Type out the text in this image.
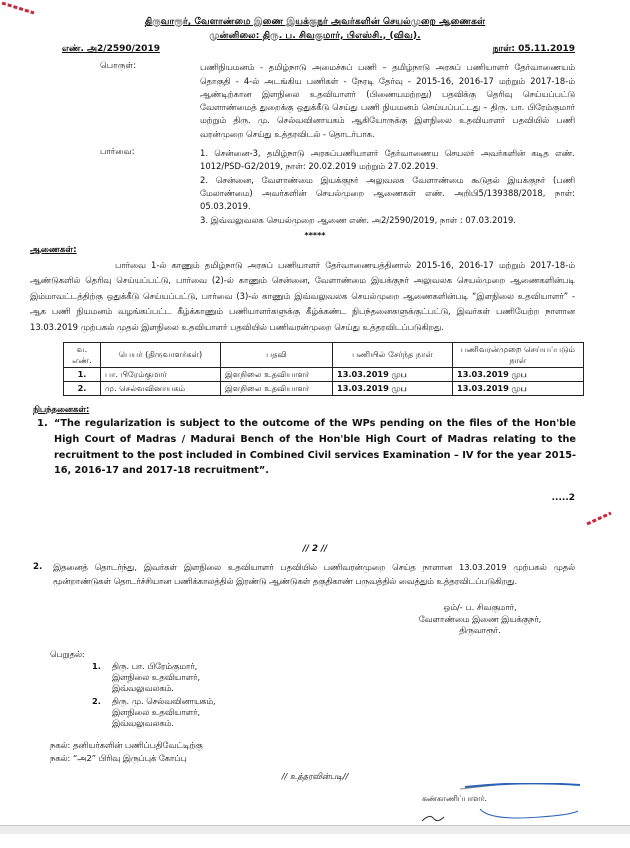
திருவாரூர், வேளாண்மை இணை இயக்குநர் அவர்களின் செயல்முறை ஆணைகள்
முன்னிலை: திரு. ப. சிவகுமார், பிஎஸ்சி., (விவ).
எண். அ2/2590/2019	நாள்: 05.11.2019
பொருள்:	பணிநியமனம் - தமிழ்நாடு அமைச்சுப் பணி – தமிழ்நாடு அரசுப் பணியாளர் தேர்வாணையம் தொகுதி - 4-ல் அடங்கிய பணிகள் - நேரடி தேர்வு - 2015-16, 2016-17 மற்றும் 2017-18-ம் ஆண்டிற்கான இளநிலை உதவியாளர் (பிணையமற்றது) பதவிக்கு தெரிவு செய்யப்பட்டு வேளாண்மைத் துறைக்கு ஒதுக்கீடு செய்து பணி நியமனம் செய்யப்பட்டது – திரு. பா. பிரேம்குமார் மற்றும் திரு. மு. செல்வவினாயகம் ஆகியோருக்கு இளநிலை உதவியாளர் பதவியில் பணி வரன்முறை செய்து உத்தரவிடல் - தொடர்பாக.
பார்வை:	1. சென்னை-3, தமிழ்நாடு அரசுப்பணியாளர் தேர்வாணைய செயலர் அவர்களின் கடித எண். 1012/PSD-G2/2019, நாள்: 20.02.2019 மற்றும் 27.02.2019.
2. சென்னை, வேளாண்மை இயக்குநர் அலுவலக வேளாண்மை கூடுதல் இயக்குநர் (பணி மேலாண்மை) அவர்களின் செயல்முறை ஆணைகள் எண். அறிபி5/139388/2018, நாள்: 05.03.2019.
3. இவ்வலுவலக செயல்முறை ஆணை எண். அ2/2590/2019, நாள் : 07.03.2019.
*****
ஆணைகள்:
பார்வை 1-ல் காணும் தமிழ்நாடு அரசுப் பணியாளர் தேர்வாணையத்தினால் 2015-16, 2016-17 மற்றும் 2017-18-ம் ஆண்டுகளில் தெரிவு செய்யப்பட்டு, பார்வை (2)-ல் காணும் சென்னை, வேளாண்மை இயக்குநர் அலுவலக செயல்முறை ஆணைகளின்படி இம்மாவட்டத்திற்கு ஒதுக்கீடு செய்யப்பட்டு, பார்வை (3)-ல் காணும் இவ்வலுவலக செயல்முறை ஆணைகளின்படி “இளநிலை உதவியாளர்” - ஆக பணி நியமனம் வழங்கப்பட்ட கீழ்க்காணும் பணியாளர்களுக்கு கீழ்க்கண்ட நிபந்தனைகளுக்குட்பட்டு, இவர்கள் பணியேற்ற நாளான 13.03.2019 முற்பகல் முதல் இளநிலை உதவியாளர் பதவியில் பணிவரன்முறை செய்து உத்தரவிடப்படுகிறது.
வ. எண்.	பெயர் (திருவாளர்கள்)	பதவி	பணியில் சேர்ந்த நாள்	பணிவரன்முறை செய்யப்படும் நாள்
1.	பா. பிரேம்குமார்	இளநிலை உதவியாளர்	13.03.2019 முப	13.03.2019 முப
2.	மு. செல்வவினாயகம்	இளநிலை உதவியாளர்	13.03.2019 முப	13.03.2019 முப
நிபந்தனைகள்:
1. “The regularization is subject to the outcome of the WPs pending on the files of the Hon'ble High Court of Madras / Madurai Bench of the Hon'ble High Court of Madras relating to the recruitment to the post included in Combined Civil services Examination – IV for the year 2015-16, 2016-17 and 2017-18 recruitment”.
.....2
// 2 //
2.	இதனைத் தொடர்ந்து, இவர்கள் இளநிலை உதவியாளர் பதவியில் பணிவரன்முறை செய்த நாளான 13.03.2019 முற்பகல் முதல் மூன்றாண்டுகள் தொடர்ச்சியான பணிக்காலத்தில் இரண்டு ஆண்டுகள் தகுதிகாண் பருவத்தில் வைத்தும் உத்தரவிடப்படுகிறது.
ஒம்/- ப. சிவகுமார்,
வேளாண்மை இணை இயக்குநர்,
திருவாரூர்.
பெறுதல்:
1.	திரு. பா. பிரேம்குமார்,
இளநிலை உதவியாளர்,
இவ்வலுவலகம்.
2.	திரு. மு. செல்வவினாயகம்,
இளநிலை உதவியாளர்,
இவ்வலுவலகம்.
நகல்: தனியர்களின் பணிப்பதிவேட்டிற்கு
நகல்: “அ2” பிரிவு இருப்புக் கோப்பு
// உத்தரவின்படி//
கண்காணிப்பாளர்.
